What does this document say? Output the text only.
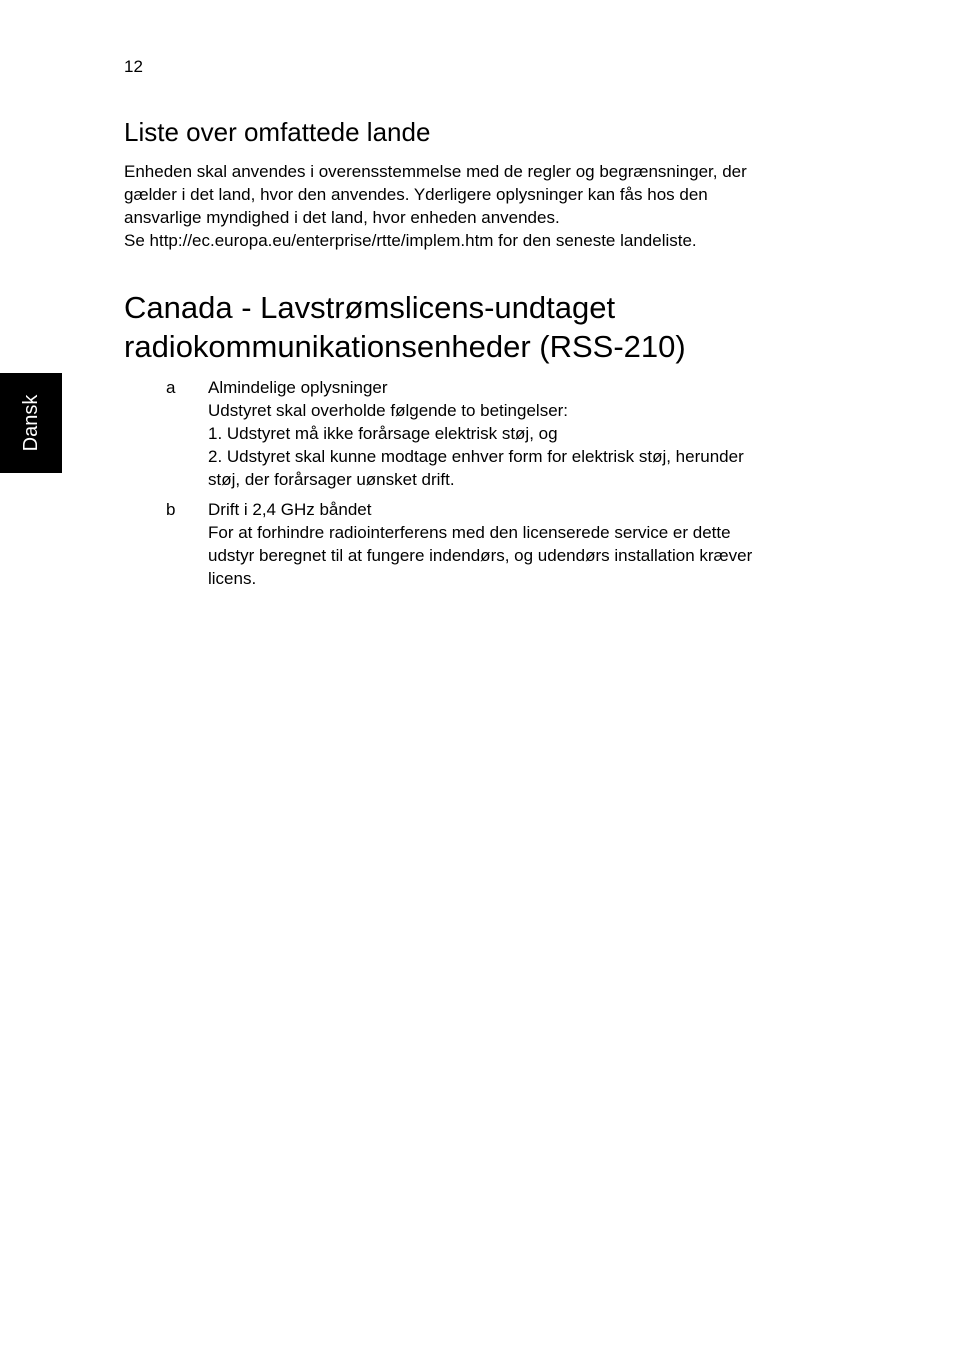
12
Liste over omfattede lande
Enheden skal anvendes i overensstemmelse med de regler og begrænsninger, der
gælder i det land, hvor den anvendes. Yderligere oplysninger kan fås hos den
ansvarlige myndighed i det land, hvor enheden anvendes.
Se http://ec.europa.eu/enterprise/rtte/implem.htm for den seneste landeliste.
Canada - Lavstrømslicens-undtaget
radiokommunikationsenheder (RSS-210)
a Almindelige oplysninger
Udstyret skal overholde følgende to betingelser:
1. Udstyret må ikke forårsage elektrisk støj, og
2. Udstyret skal kunne modtage enhver form for elektrisk støj, herunder
støj, der forårsager uønsket drift.
b Drift i 2,4 GHz båndet
For at forhindre radiointerferens med den licenserede service er dette
udstyr beregnet til at fungere indendørs, og udendørs installation kræver
licens.
Dansk
